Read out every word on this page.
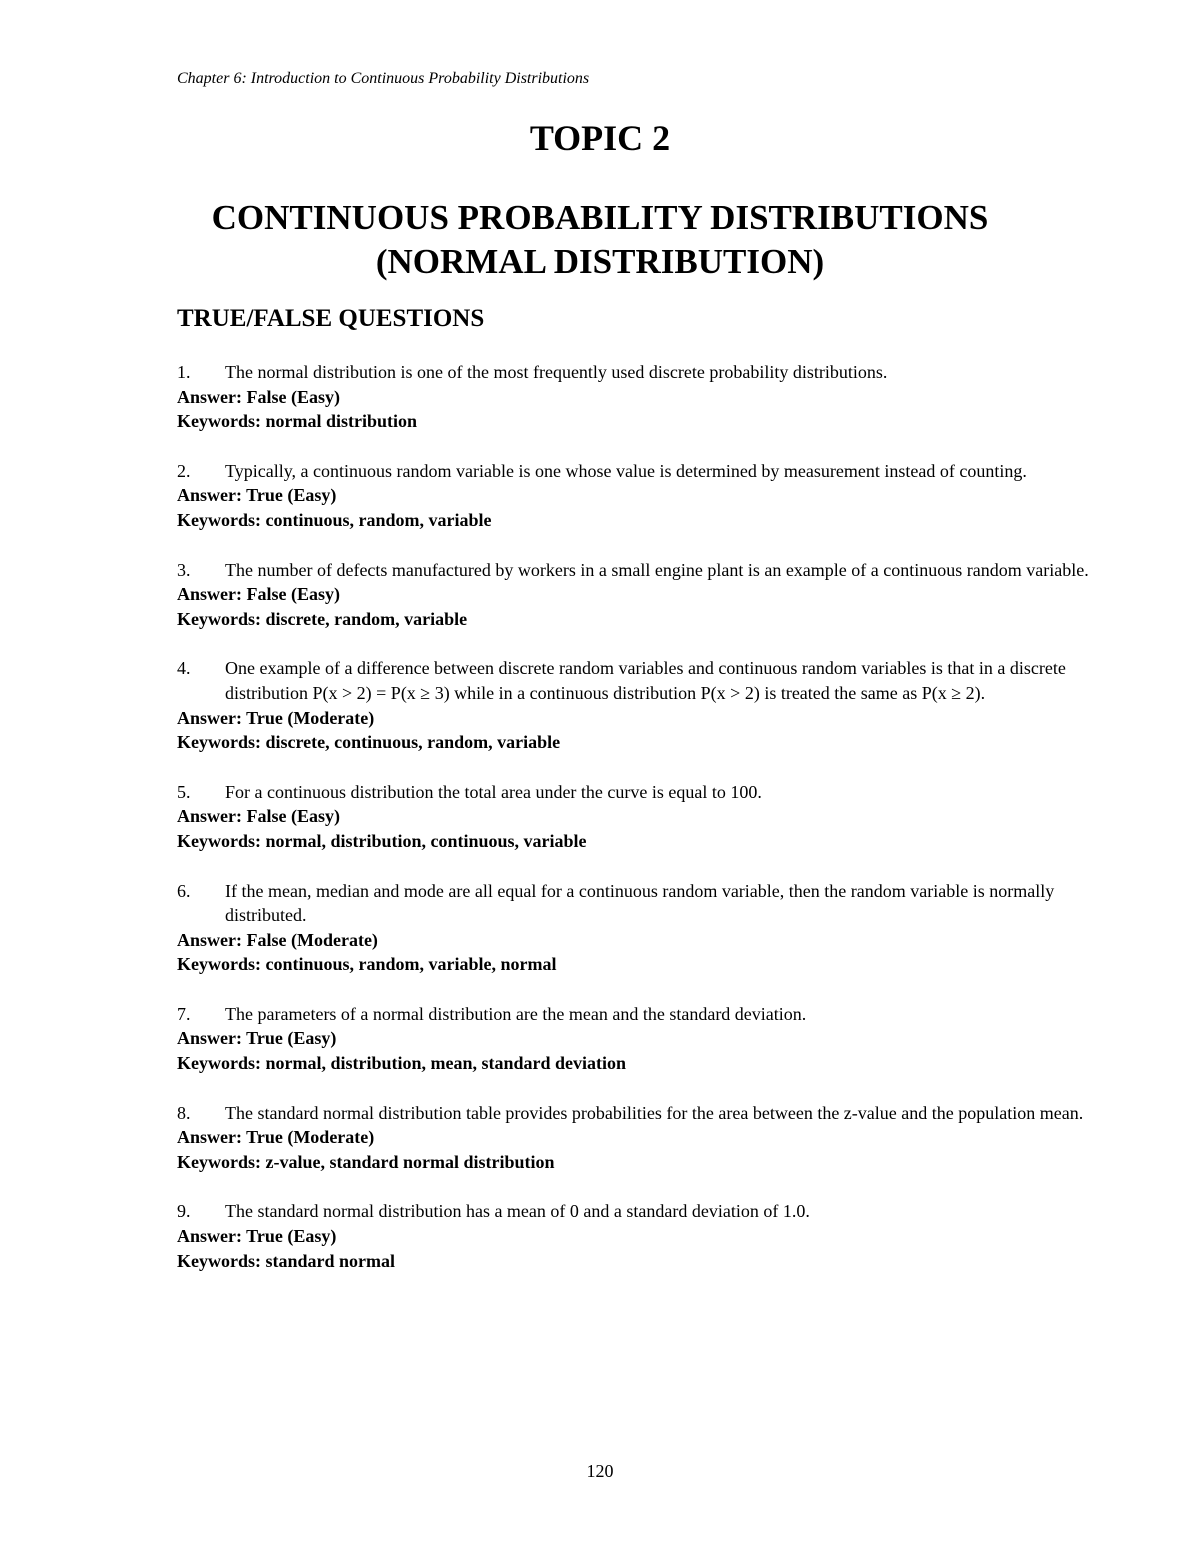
Chapter 6: Introduction to Continuous Probability Distributions
TOPIC 2
CONTINUOUS PROBABILITY DISTRIBUTIONS
(NORMAL DISTRIBUTION)
TRUE/FALSE QUESTIONS
1.	The normal distribution is one of the most frequently used discrete probability distributions.
Answer: False (Easy)
Keywords: normal distribution
2.	Typically, a continuous random variable is one whose value is determined by measurement instead of counting.
Answer: True (Easy)
Keywords: continuous, random, variable
3.	The number of defects manufactured by workers in a small engine plant is an example of a continuous random variable.
Answer: False (Easy)
Keywords: discrete, random, variable
4.	One example of a difference between discrete random variables and continuous random variables is that in a discrete distribution P(x > 2) = P(x ≥ 3) while in a continuous distribution P(x > 2) is treated the same as P(x ≥ 2).
Answer: True (Moderate)
Keywords: discrete, continuous, random, variable
5.	For a continuous distribution the total area under the curve is equal to 100.
Answer: False (Easy)
Keywords: normal, distribution, continuous, variable
6.	If the mean, median and mode are all equal for a continuous random variable, then the random variable is normally distributed.
Answer: False (Moderate)
Keywords: continuous, random, variable, normal
7.	The parameters of a normal distribution are the mean and the standard deviation.
Answer: True (Easy)
Keywords: normal, distribution, mean, standard deviation
8.	The standard normal distribution table provides probabilities for the area between the z-value and the population mean.
Answer: True (Moderate)
Keywords: z-value, standard normal distribution
9.	The standard normal distribution has a mean of 0 and a standard deviation of 1.0.
Answer: True (Easy)
Keywords: standard normal
120
